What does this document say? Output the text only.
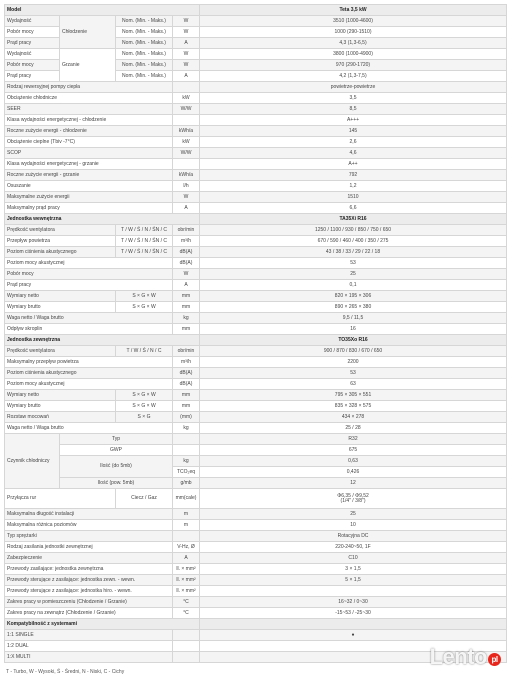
Model				Teta 3,5 kW
Wydajność	Chłodzenie	Nom. (Min. - Maks.)	W	3510 (1000-4600)
Pobór mocy		Nom. (Min. - Maks.)	W	1000 (290-1510)
Prąd pracy		Nom. (Min. - Maks.)	A	4,3 (1,3-6,5)
Wydajność	Grzanie	Nom. (Min. - Maks.)	W	3800 (1000-4900)
Pobór mocy		Nom. (Min. - Maks.)	W	970 (290-1720)
Prąd pracy		Nom. (Min. - Maks.)	A	4,2 (1,3-7,5)
Rodzaj rewersyjnej pompy ciepła				powietrze-powietrze
Obciążenie chłodnicze			kW	3,5
SEER			W/W	8,5
Klasa wydajności energetycznej - chłodzenie				A+++
Roczne zużycie energii - chłodzenie			kWh/a	145
Obciążenie cieplne (Tbiv -7°C)			kW	2,6
SCOP			W/W	4,6
Klasa wydajności energetycznej - grzanie				A++
Roczne zużycie energii - grzanie			kWh/a	792
Osuszanie			l/h	1,2
Maksymalne zużycie energii			W	1510
Maksymalny prąd pracy			A	6,6
Jednostka wewnętrzna				TA35Xi R16
Prędkość wentylatora		T / W / Ś / N / ŚN / C	obr/min	1250 / 1100 / 930 / 850 / 750 / 650
Przepływ powietrza		T / W / Ś / N / ŚN / C	m³/h	670 / 590 / 460 / 400 / 350 / 275
Poziom ciśnienia akustycznego		T / W / Ś / N / ŚN / C	dB(A)	43 / 38 / 33 / 29 / 22 / 18
Poziom mocy akustycznej			dB(A)	53
Pobór mocy			W	25
Prąd pracy			A	0,1
Wymiary netto		S × G × W	mm	820 × 195 × 306
Wymiary brutto		S × G × W	mm	890 × 265 × 380
Waga netto / Waga brutto			kg	9,5 / 11,5
Odpływ skroplin			mm	16
Jednostka zewnętrzna				TO35Xo R16
Prędkość wentylatora		T / W / Ś / N / C	obr/min	900 / 870 / 830 / 670 / 650
Maksymalny przepływ powietrza			m³/h	2200
Poziom ciśnienia akustycznego			dB(A)	53
Poziom mocy akustycznej			dB(A)	63
Wymiary netto		S × G × W	mm	795 × 305 × 551
Wymiary brutto		S × G × W	mm	835 × 328 × 575
Rozstaw mocowań		S × G	(mm)	434 × 278
Waga netto / Waga brutto			kg	25 / 28
Czynnik chłodniczy	Typ			R32
	GWP			675
	Ilość (do 5mb)		kg	0,63
			TCO₂eq	0,426
	Ilość (pow. 5mb)		g/mb	12
Przyłącza rur		Ciecz / Gaz	mm(cale)	Φ6,35 / Φ9,52
(1/4" / 3/8")

Maksymalna długość instalacji			m	25
Maksymalna różnica poziomów			m	10
Typ sprężarki				Rotacyjna DC
Rodzaj zasilania jednostki zewnętrznej			V-Hz, Ø	220-240~50, 1F
Zabezpieczenie			A	C10
Przewody zasilające: jednostka zewnętrzna			ll. × mm²	3 × 1,5
Przewody sterujące z zasilające: jednostka zewn. - wewn.			ll. × mm²	5 × 1,5
Przewody sterujące z zasilające: jednostka hiro. - wewn.			ll. × mm²	
Zakres pracy w pomieszczeniu (Chłodzenie / Grzanie)			°C	16~32 / 0~30
Zakres pracy na zewnątrz (Chłodzenie / Grzanie)			°C	-15~53 / -25~30
Kompatybilność z systemami				
1:1 SINGLE				●
1:2 DUAL				
1:X MULTI				
T - Turbo, W - Wysoki, Ś - Średni, N - Niski, C - Cichy
Lento pl
